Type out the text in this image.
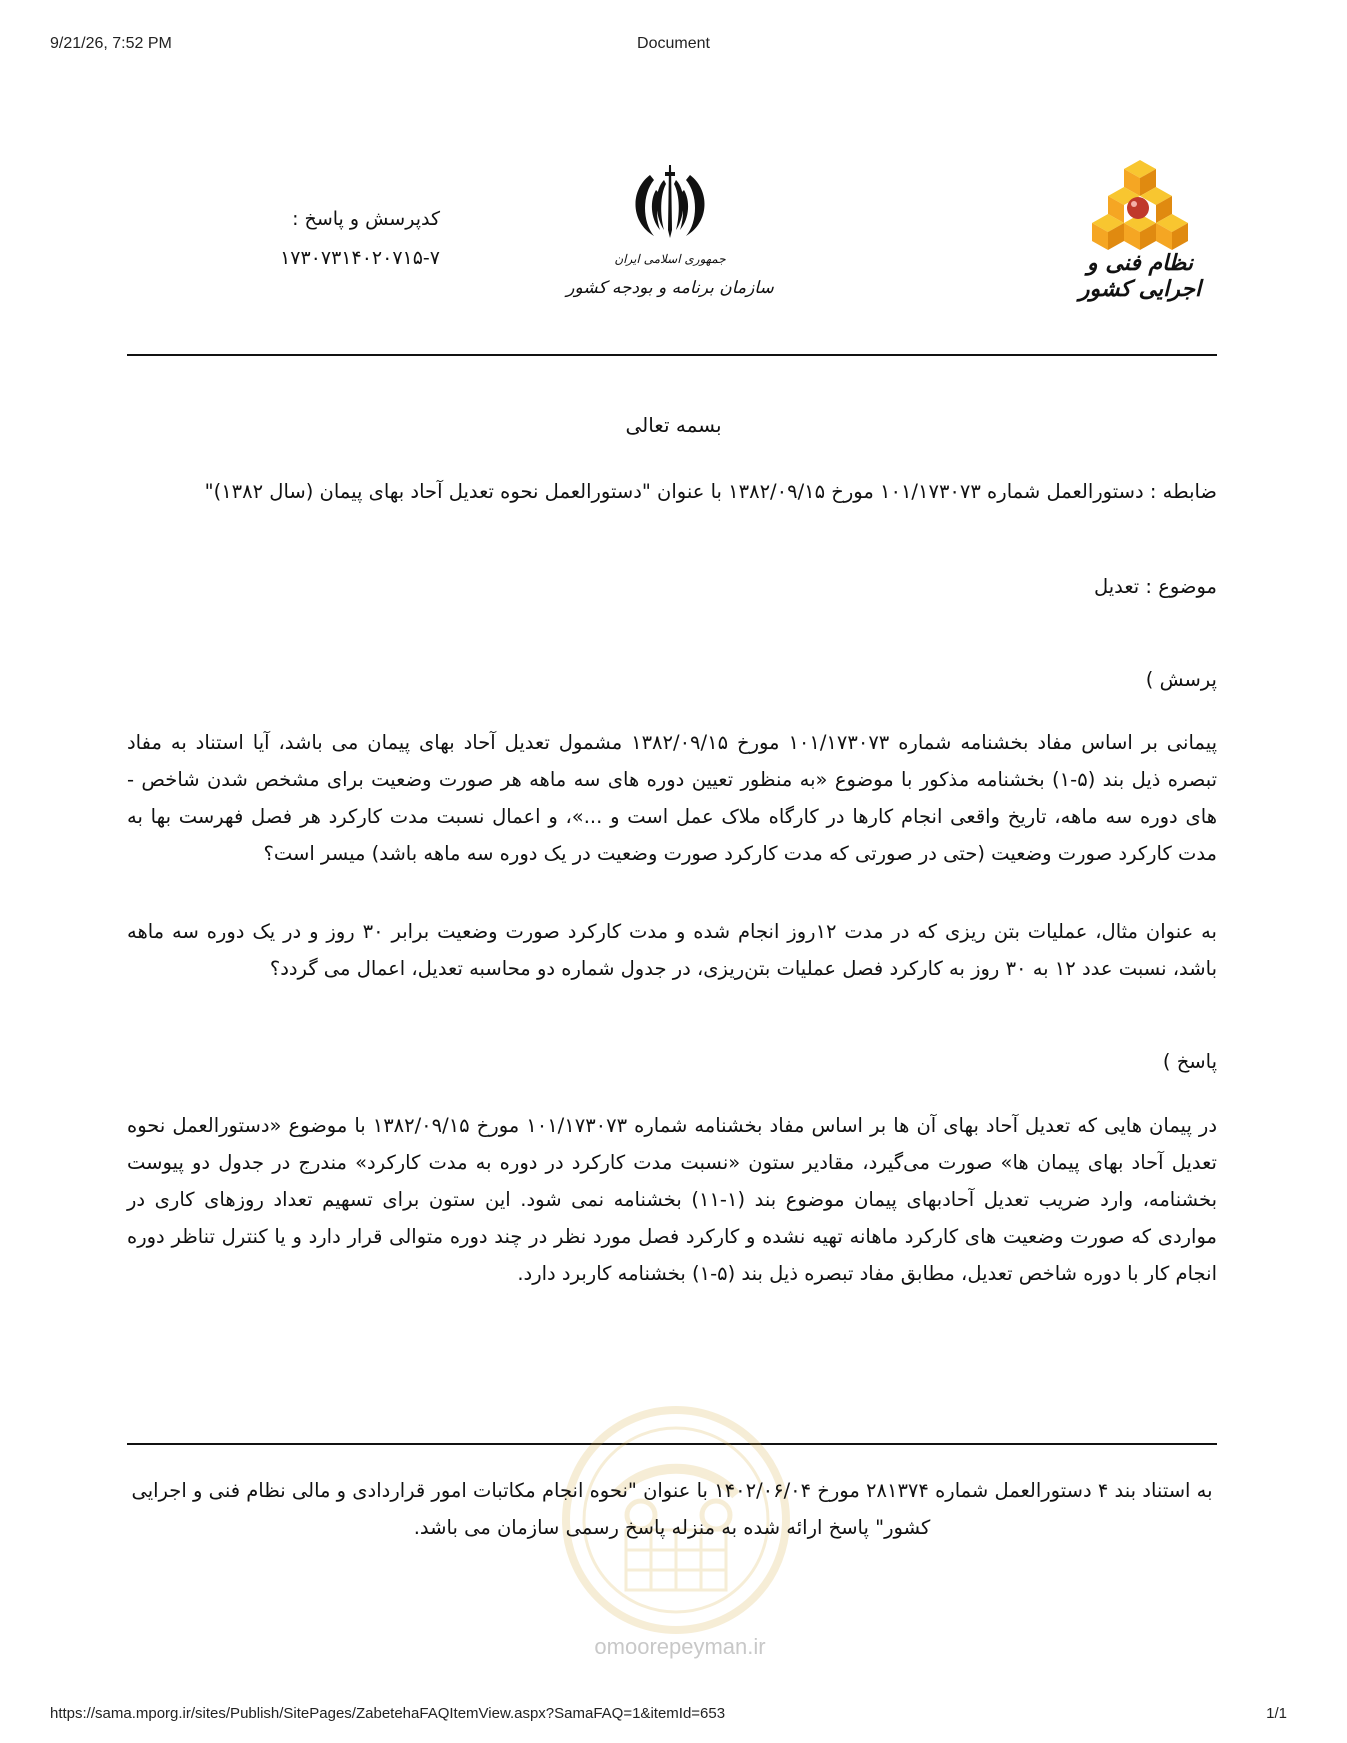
9/21/26, 7:52 PM	Document
نظام فنی و اجرایی کشور
جمهوری اسلامی ایران
سازمان برنامه و بودجه کشور
کدپرسش و پاسخ :
۱۷۳۰۷۳۱۴۰۲۰۷۱۵-۷
بسمه تعالی
ضابطه : دستورالعمل شماره ۱۰۱/۱۷۳۰۷۳ مورخ ۱۳۸۲/۰۹/۱۵ با عنوان "دستورالعمل نحوه تعدیل آحاد بهای پیمان (سال ۱۳۸۲)"
موضوع : تعدیل
پرسش )
پیمانی بر اساس مفاد بخشنامه شماره ۱۰۱/۱۷۳۰۷۳ مورخ ۱۳۸۲/۰۹/۱۵ مشمول تعدیل آحاد بهای پیمان می باشد، آیا استناد به مفاد تبصره ذیل بند (۵-۱) بخشنامه مذکور با موضوع «به منظور تعیین دوره های سه ماهه هر صورت وضعیت برای مشخص شدن شاخص - های دوره سه ماهه، تاریخ واقعی انجام کارها در کارگاه ملاک عمل است و ...»، و اعمال نسبت مدت کارکرد هر فصل فهرست بها به مدت کارکرد صورت وضعیت (حتی در صورتی که مدت کارکرد صورت وضعیت در یک دوره سه ماهه باشد) میسر است؟
به عنوان مثال، عملیات بتن ریزی که در مدت ۱۲روز انجام شده و مدت کارکرد صورت وضعیت برابر ۳۰ روز و در یک دوره سه ماهه باشد، نسبت عدد ۱۲ به ۳۰ روز به کارکرد فصل عملیات بتن‌ریزی، در جدول شماره دو محاسبه تعدیل، اعمال می گردد؟
پاسخ )
در پیمان هایی که تعدیل آحاد بهای آن ها بر اساس مفاد بخشنامه شماره ۱۰۱/۱۷۳۰۷۳ مورخ ۱۳۸۲/۰۹/۱۵ با موضوع «دستورالعمل نحوه تعدیل آحاد بهای پیمان ها» صورت می‌گیرد، مقادیر ستون «نسبت مدت کارکرد در دوره به مدت کارکرد» مندرج در جدول دو پیوست بخشنامه، وارد ضریب تعدیل آحادبهای پیمان موضوع بند (۱-۱۱) بخشنامه نمی شود. این ستون برای تسهیم تعداد روزهای کاری در مواردی که صورت وضعیت های کارکرد ماهانه تهیه نشده و کارکرد فصل مورد نظر در چند دوره متوالی قرار دارد و یا کنترل تناظر دوره انجام کار با دوره شاخص تعدیل، مطابق مفاد تبصره ذیل بند (۵-۱) بخشنامه کاربرد دارد.
به استناد بند ۴ دستورالعمل شماره ۲۸۱۳۷۴ مورخ ۱۴۰۲/۰۶/۰۴ با عنوان "نحوه انجام مکاتبات امور قراردادی و مالی نظام فنی و اجرایی کشور" پاسخ ارائه شده به منزله پاسخ رسمی سازمان می باشد.
omoorepeyman.ir
https://sama.mporg.ir/sites/Publish/SitePages/ZabetehaFAQItemView.aspx?SamaFAQ=1&itemId=653	1/1
